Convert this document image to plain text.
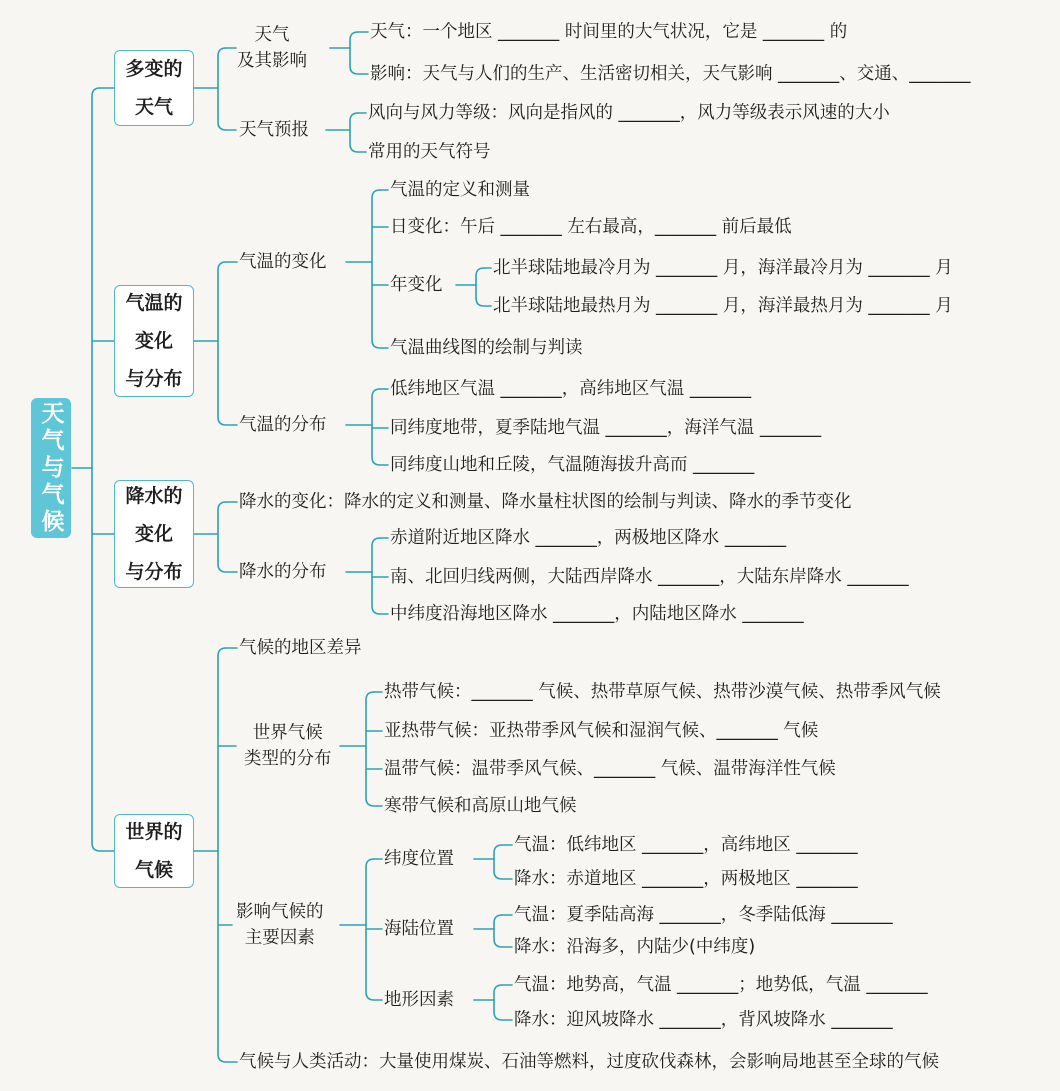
天气与气候
多变的
天气
气温的
变化
与分布
降水的
变化
与分布
世界的
气候
天气
及其影响
天气：一个地区 _______ 时间里的大气状况，它是 _______ 的
影响：天气与人们的生产、生活密切相关，天气影响 _______、交通、_______
天气预报
风向与风力等级：风向是指风的 _______，风力等级表示风速的大小
常用的天气符号
气温的变化
气温的定义和测量
日变化：午后 _______ 左右最高，_______ 前后最低
年变化
北半球陆地最冷月为 _______ 月，海洋最冷月为 _______ 月
北半球陆地最热月为 _______ 月，海洋最热月为 _______ 月
气温曲线图的绘制与判读
气温的分布
低纬地区气温 _______，高纬地区气温 _______
同纬度地带，夏季陆地气温 _______，海洋气温 _______
同纬度山地和丘陵，气温随海拔升高而 _______
降水的变化：降水的定义和测量、降水量柱状图的绘制与判读、降水的季节变化
降水的分布
赤道附近地区降水 _______，两极地区降水 _______
南、北回归线两侧，大陆西岸降水 _______，大陆东岸降水 _______
中纬度沿海地区降水 _______，内陆地区降水 _______
气候的地区差异
世界气候
类型的分布
热带气候：_______ 气候、热带草原气候、热带沙漠气候、热带季风气候
亚热带气候：亚热带季风气候和湿润气候、_______ 气候
温带气候：温带季风气候、_______ 气候、温带海洋性气候
寒带气候和高原山地气候
影响气候的
主要因素
纬度位置
气温：低纬地区 _______，高纬地区 _______
降水：赤道地区 _______，两极地区 _______
海陆位置
气温：夏季陆高海 _______，冬季陆低海 _______
降水：沿海多，内陆少(中纬度)
地形因素
气温：地势高，气温 _______；地势低，气温 _______
降水：迎风坡降水 _______，背风坡降水 _______
气候与人类活动：大量使用煤炭、石油等燃料，过度砍伐森林，会影响局地甚至全球的气候
